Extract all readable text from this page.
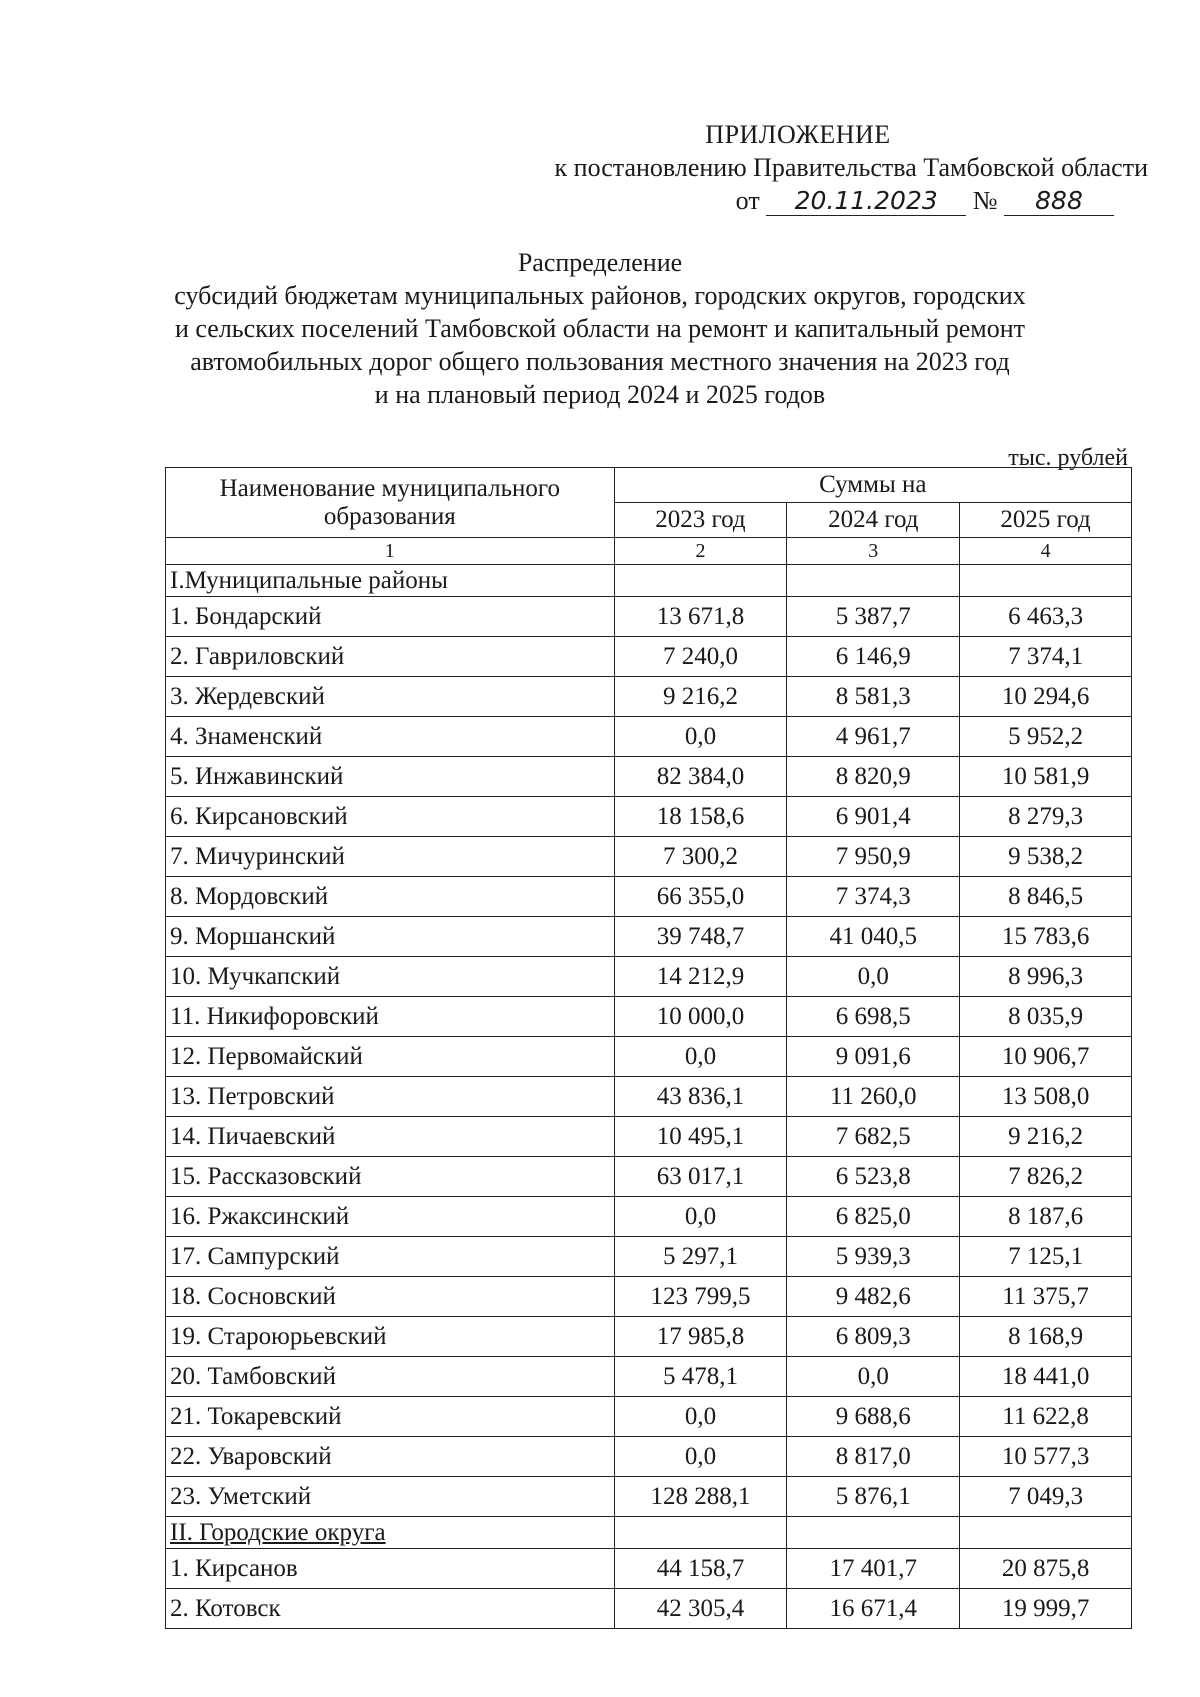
ПРИЛОЖЕНИЕ
к постановлению Правительства Тамбовской области
от 20.11.2023 № 888
Распределение
субсидий бюджетам муниципальных районов, городских округов, городских
и сельских поселений Тамбовской области на ремонт и капитальный ремонт
автомобильных дорог общего пользования местного значения на 2023 год
и на плановый период 2024 и 2025 годов
тыс. рублей
Наименование муниципального образования	Суммы на		
	2023 год	2024 год	2025 год
1	2	3	4
I.Муниципальные районы			
1. Бондарский	13 671,8	5 387,7	6 463,3
2. Гавриловский	7 240,0	6 146,9	7 374,1
3. Жердевский	9 216,2	8 581,3	10 294,6
4. Знаменский	0,0	4 961,7	5 952,2
5. Инжавинский	82 384,0	8 820,9	10 581,9
6. Кирсановский	18 158,6	6 901,4	8 279,3
7. Мичуринский	7 300,2	7 950,9	9 538,2
8. Мордовский	66 355,0	7 374,3	8 846,5
9. Моршанский	39 748,7	41 040,5	15 783,6
10. Мучкапский	14 212,9	0,0	8 996,3
11. Никифоровский	10 000,0	6 698,5	8 035,9
12. Первомайский	0,0	9 091,6	10 906,7
13. Петровский	43 836,1	11 260,0	13 508,0
14. Пичаевский	10 495,1	7 682,5	9 216,2
15. Рассказовский	63 017,1	6 523,8	7 826,2
16. Ржаксинский	0,0	6 825,0	8 187,6
17. Сампурский	5 297,1	5 939,3	7 125,1
18. Сосновский	123 799,5	9 482,6	11 375,7
19. Староюрьевский	17 985,8	6 809,3	8 168,9
20. Тамбовский	5 478,1	0,0	18 441,0
21. Токаревский	0,0	9 688,6	11 622,8
22. Уваровский	0,0	8 817,0	10 577,3
23. Уметский	128 288,1	5 876,1	7 049,3
II. Городские округа			
1. Кирсанов	44 158,7	17 401,7	20 875,8
2. Котовск	42 305,4	16 671,4	19 999,7
